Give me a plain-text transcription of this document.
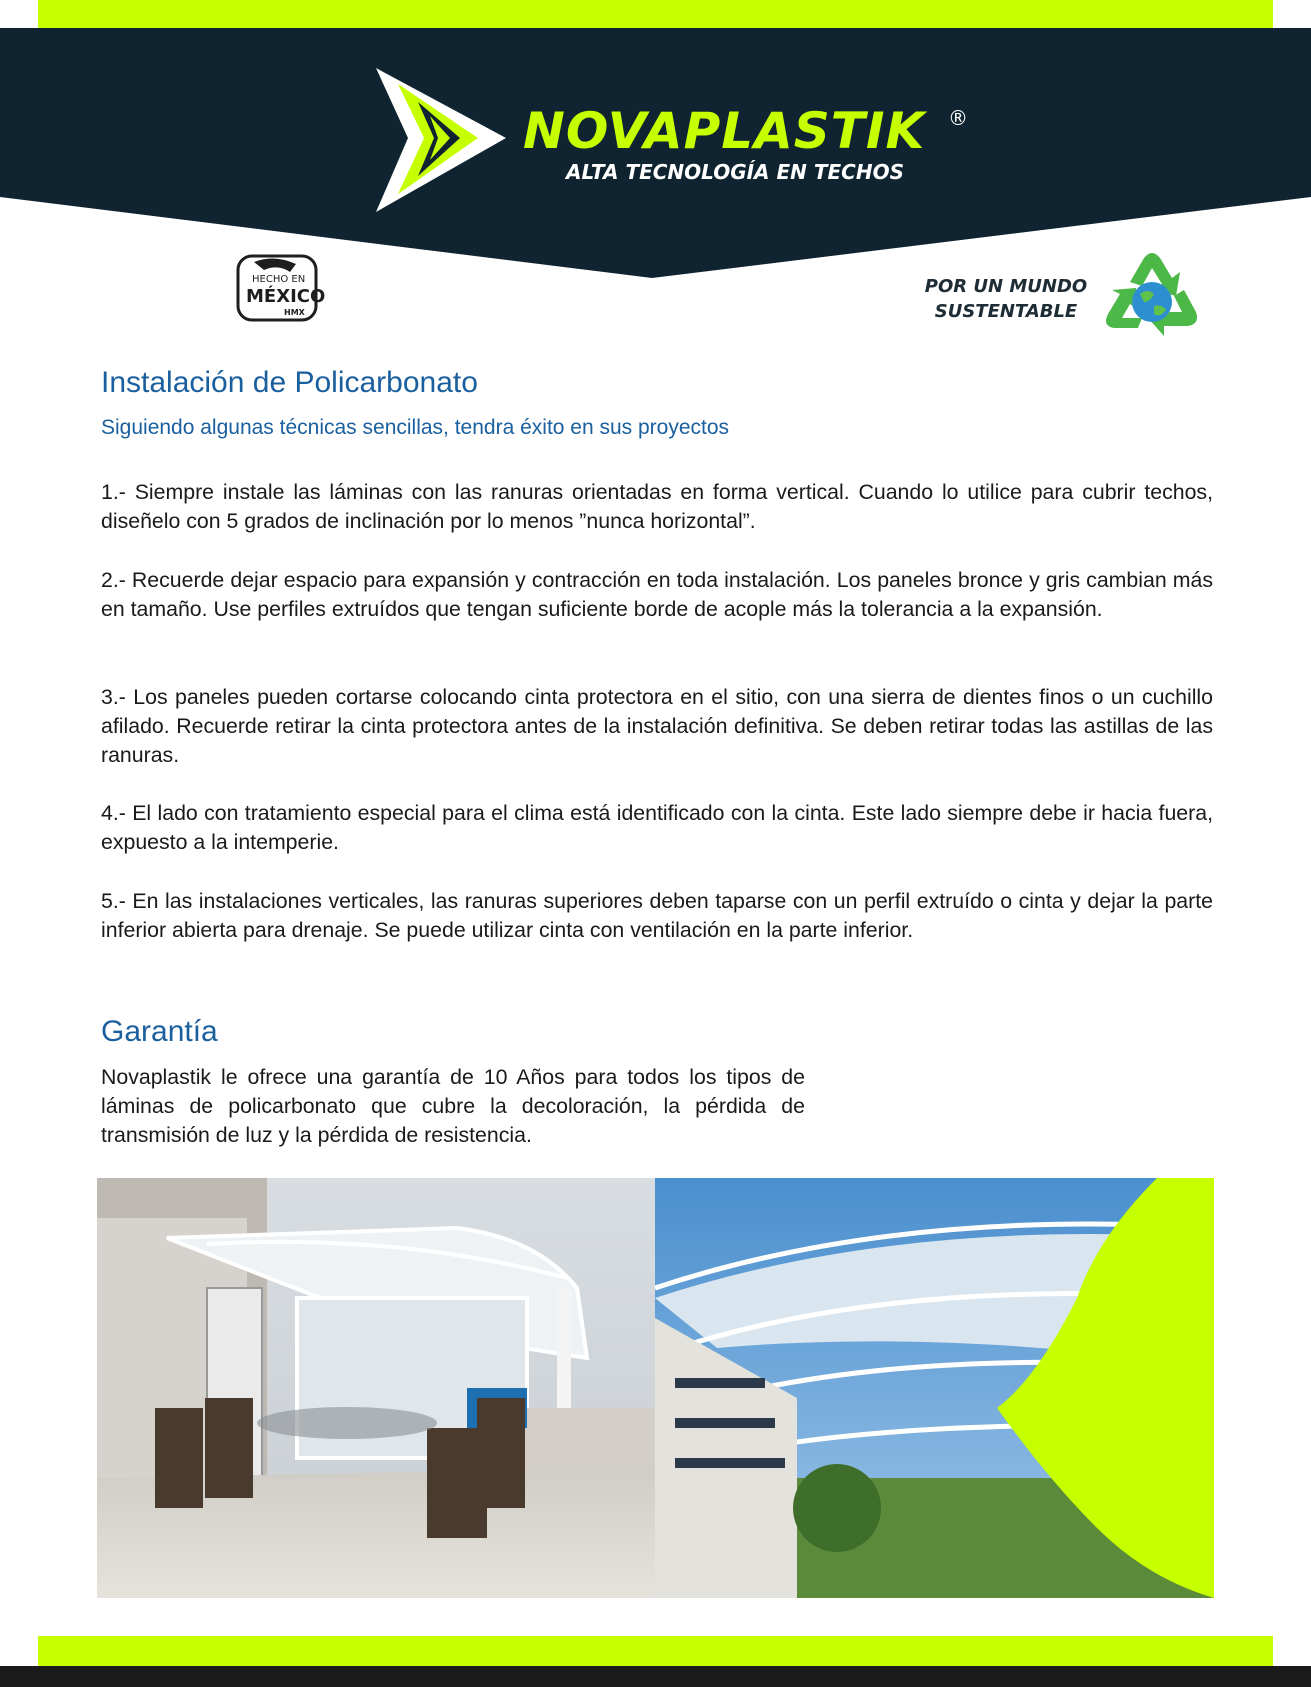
NOVAPLASTIK ®
ALTA TECNOLOGÍA EN TECHOS
HECHO EN
MÉXICO
HMX
POR UN MUNDO
SUSTENTABLE
Instalación de Policarbonato
Siguiendo algunas técnicas sencillas, tendra éxito en sus proyectos

1.- Siempre instale las láminas con las ranuras orientadas en forma vertical. Cuando lo utilice para cubrir techos, diseñelo con 5 grados de inclinación por lo menos ”nunca horizontal”.

2.- Recuerde dejar espacio para expansión y contracción en toda instalación. Los paneles bronce y gris cambian más en tamaño. Use perfiles extruídos que tengan suficiente borde de acople más la tolerancia a la expansión.

3.- Los paneles pueden cortarse colocando cinta protectora en el sitio, con una sierra de dientes finos o un cuchillo afilado. Recuerde retirar la cinta protectora antes de la instalación definitiva. Se deben retirar todas las astillas de las ranuras.

4.- El lado con tratamiento especial para el clima está identificado con la cinta. Este lado siempre debe ir hacia fuera, expuesto a la intemperie.

5.- En las instalaciones verticales, las ranuras superiores deben taparse con un perfil extruído o cinta y dejar la parte inferior abierta para drenaje. Se puede utilizar cinta con ventilación en la parte inferior.

Garantía

Novaplastik le ofrece una garantía de 10 Años para todos los tipos de láminas de policarbonato que cubre la decoloración, la pérdida de transmisión de luz y la pérdida de resistencia.
